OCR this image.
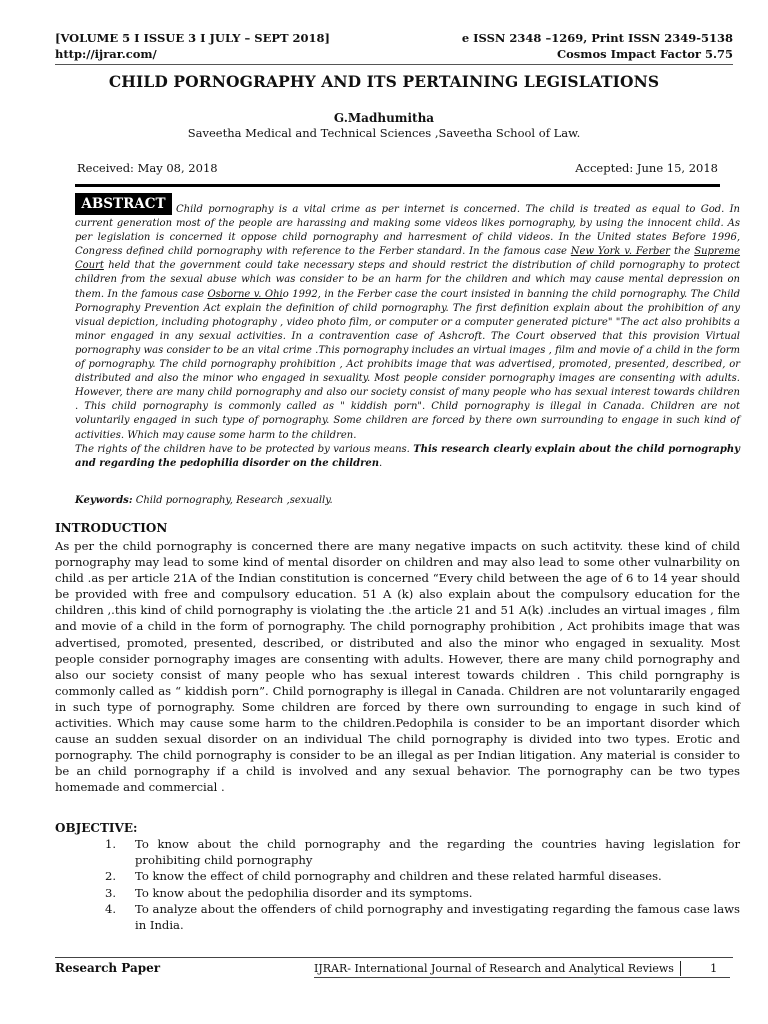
[VOLUME 5 I ISSUE 3 I JULY – SEPT 2018]
http://ijrar.com/
e ISSN 2348 –1269, Print ISSN 2349-5138
Cosmos Impact Factor 5.75
CHILD PORNOGRAPHY AND ITS PERTAINING LEGISLATIONS
G.Madhumitha
Saveetha Medical and Technical Sciences ,Saveetha School of Law.
Received: May 08, 2018	Accepted: June 15, 2018
ABSTRACT	Child pornography is a vital crime as per internet is concerned. The child is treated as equal to God. In current generation most of the people are harassing and making some videos likes pornography, by using the innocent child. As per legislation is concerned it oppose child pornography and harresment of child videos. In the United states Before 1996, Congress defined child pornography with reference to the Ferber standard. In the famous case New York v. Ferber the Supreme Court held that the government could take necessary steps and should restrict the distribution of child pornography to protect children from the sexual abuse which was consider to be an harm for the children and which may cause mental depression on them. In the famous case Osborne v. Ohio 1992, in the Ferber case the court insisted in banning the child pornography. The Child Pornography Prevention Act explain the definition of child pornography. The first definition explain about the prohibition of any visual depiction, including photography , video photo film, or computer or a computer generated picture" "The act also prohibits a minor engaged in any sexual activities. In a contravention case of Ashcroft. The Court observed that this provision Virtual pornography was consider to be an vital crime .This pornography includes an virtual images , film and movie of a child in the form of pornography. The child pornography prohibition , Act prohibits image that was advertised, promoted, presented, described, or distributed and also the minor who engaged in sexuality. Most people consider pornography images are consenting with adults. However, there are many child pornography and also our society consist of many people who has sexual interest towards children . This child pornography is commonly called as " kiddish porn". Child pornography is illegal in Canada. Children are not voluntarily engaged in such type of pornography. Some children are forced by there own surrounding to engage in such kind of activities. Which may cause some harm to the children.

The rights of the children have to be protected by various means. This research clearly explain about the child pornography and regarding the pedophilia disorder on the children.

Keywords: Child pornography, Research ,sexually.
INTRODUCTION

As per the child pornography is concerned there are many negative impacts on such actitvity. these kind of child pornography may lead to some kind of mental disorder on children and may also lead to some other vulnarbility on child .as per article 21A of the Indian constitution is concerned “Every child between the age of 6 to 14 year should be provided with free and compulsory education. 51 A (k) also explain about the compulsory education for the children ,.this kind of child pornography is violating the .the article 21 and 51 A(k) .includes an virtual images , film and movie of a child in the form of pornography. The child pornography prohibition , Act prohibits image that was advertised, promoted, presented, described, or distributed and also the minor who engaged in sexuality. Most people consider pornography images are consenting with adults. However, there are many child pornography and also our society consist of many people who has sexual interest towards children . This child porngraphy is commonly called as “ kiddish porn”. Child pornography is illegal in Canada. Children are not voluntararily engaged in such type of pornography. Some children are forced by there own surrounding to engage in such kind of activities. Which may cause some harm to the children.Pedophila is consider to be an important disorder which cause an sudden sexual disorder on an individual The child pornography is divided into two types. Erotic and pornography. The child pornography is consider to be an illegal as per Indian litigation. Any material is consider to be an child pornography if a child is involved and any sexual behavior. The pornography can be two types homemade and commercial .

OBJECTIVE:
1.	To know about the child pornography and the regarding the countries having legislation for prohibiting child pornography
2.	To know the effect of child pornography and children and these related harmful diseases.
3.	To know about the pedophilia disorder and its symptoms.
4.	To analyze about the offenders of child pornography and investigating regarding the famous case laws in India.
Research Paper	IJRAR- International Journal of Research and Analytical Reviews	1
